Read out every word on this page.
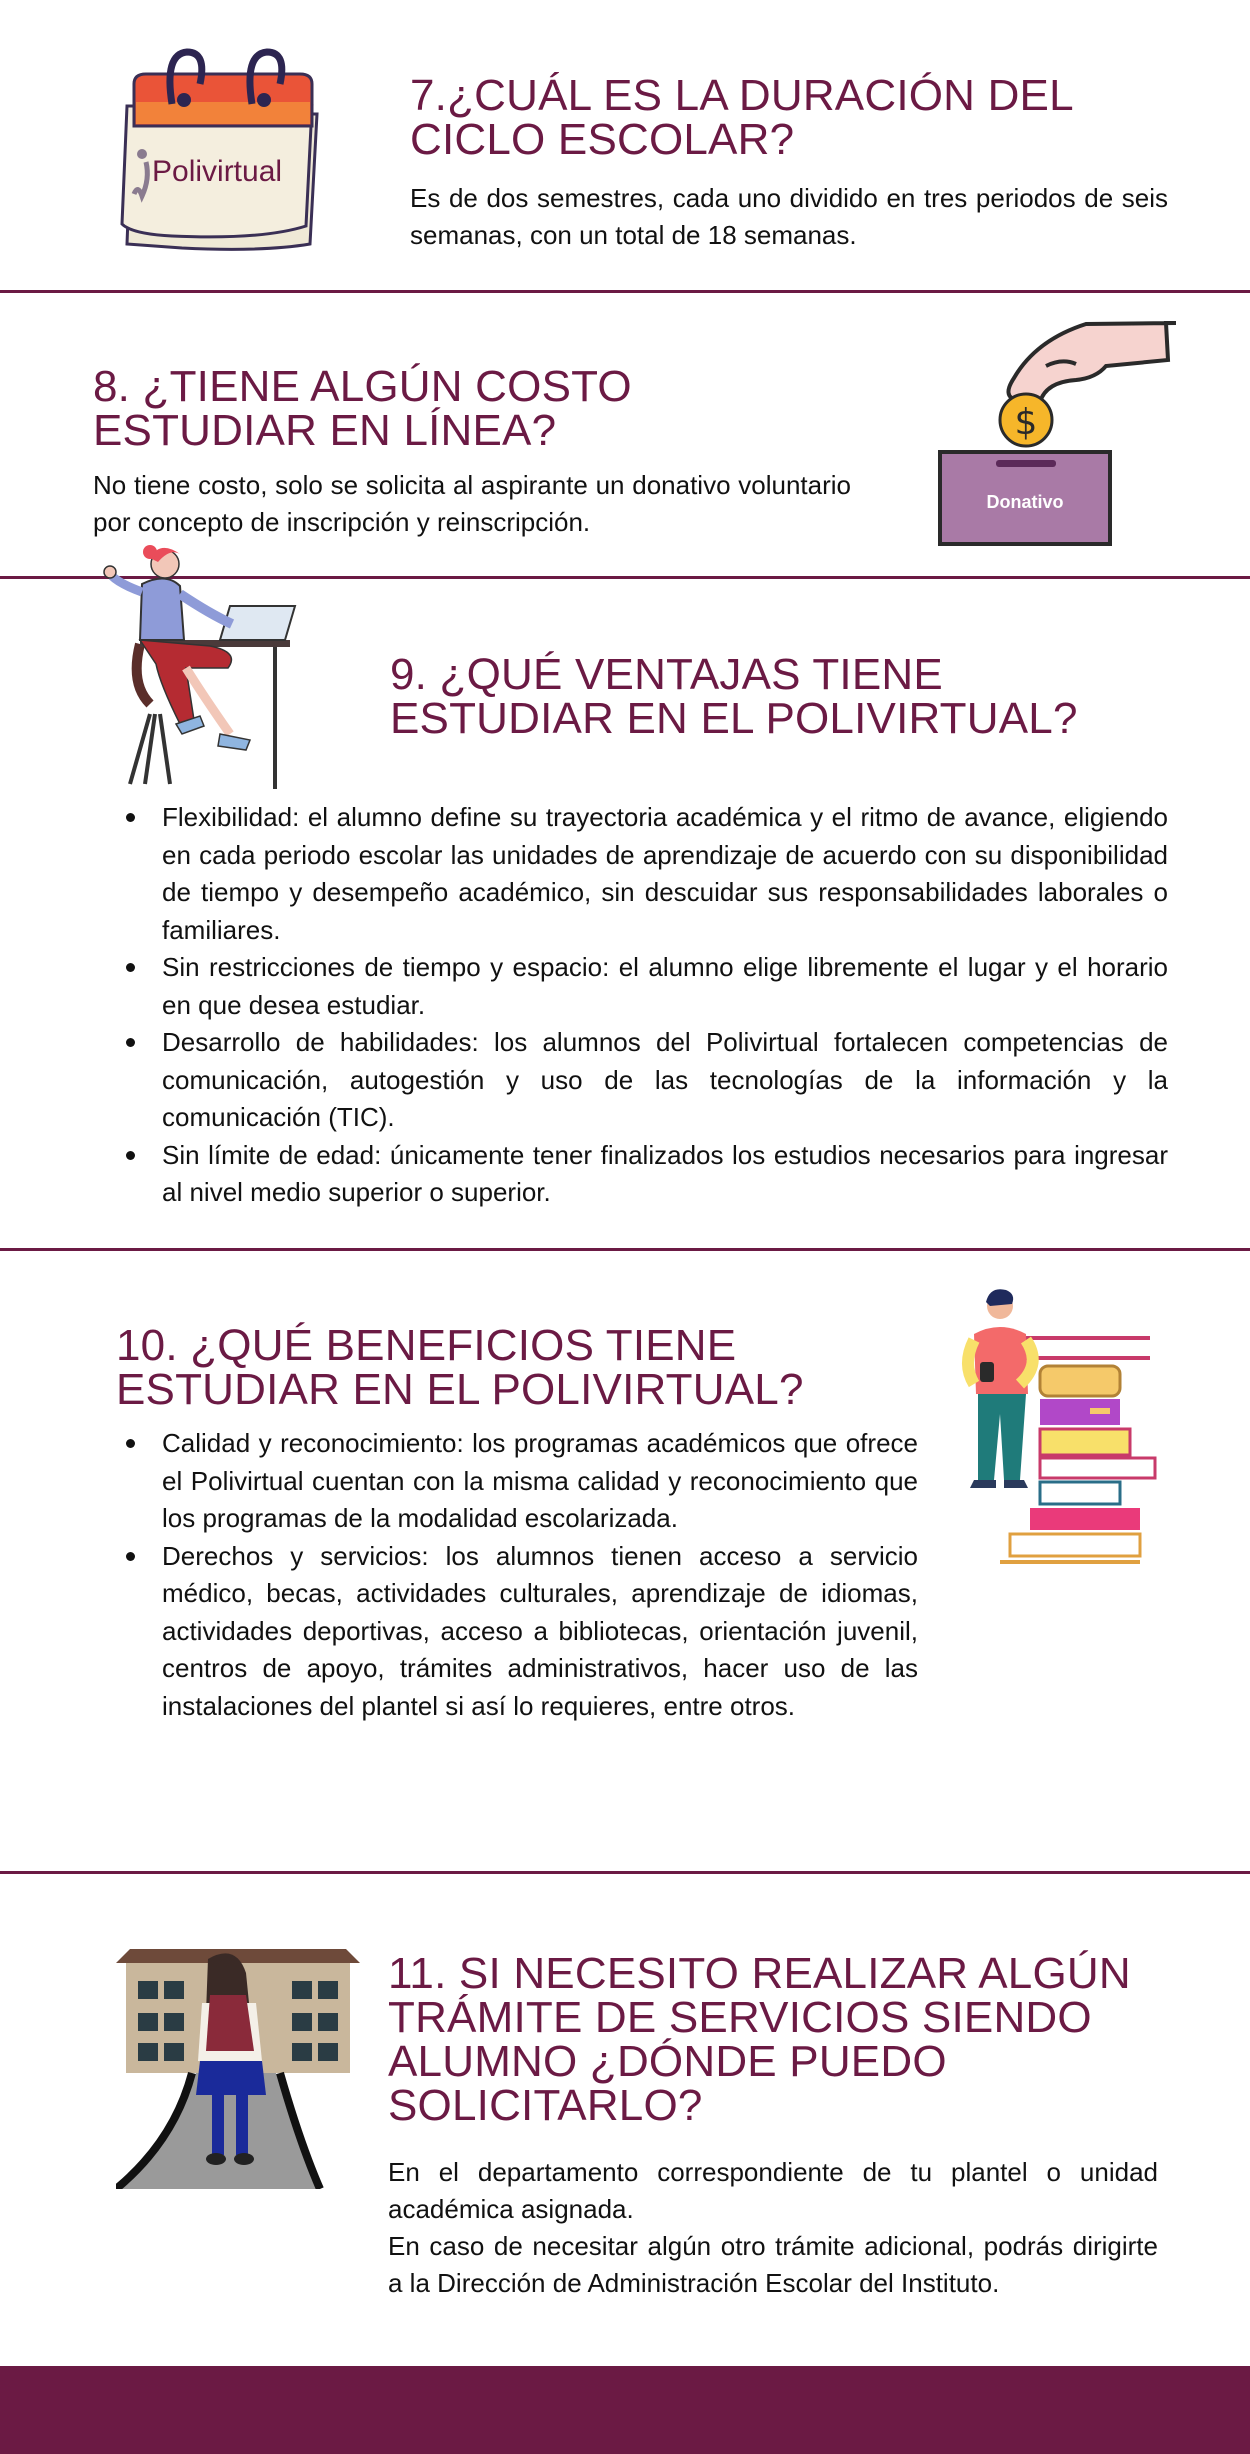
Polivirtual
7.¿CUÁL ES LA DURACIÓN DEL CICLO ESCOLAR?

Es de dos semestres, cada uno dividido en tres periodos de seis semanas, con un total de 18 semanas.

8. ¿TIENE ALGÚN COSTO ESTUDIAR EN LÍNEA?

No tiene costo, solo se solicita al aspirante un donativo voluntario por concepto de inscripción y reinscripción.

$
Donativo
9. ¿QUÉ VENTAJAS TIENE ESTUDIAR EN EL POLIVIRTUAL?
Flexibilidad: el alumno define su trayectoria académica y el ritmo de avance, eligiendo en cada periodo escolar las unidades de aprendizaje de acuerdo con su disponibilidad de tiempo y desempeño académico, sin descuidar sus responsabilidades laborales o familiares.
Sin restricciones de tiempo y espacio: el alumno elige libremente el lugar y el horario en que desea estudiar.
Desarrollo de habilidades: los alumnos del Polivirtual fortalecen competencias de comunicación, autogestión y uso de las tecnologías de la información y la comunicación (TIC).
Sin límite de edad: únicamente tener finalizados los estudios necesarios para ingresar al nivel medio superior o superior.
10. ¿QUÉ BENEFICIOS TIENE ESTUDIAR EN EL POLIVIRTUAL?
Calidad y reconocimiento: los programas académicos que ofrece el Polivirtual cuentan con la misma calidad y reconocimiento que los programas de la modalidad escolarizada.
Derechos y servicios: los alumnos tienen acceso a servicio médico, becas, actividades culturales, aprendizaje de idiomas, actividades deportivas, acceso a bibliotecas, orientación juvenil, centros de apoyo, trámites administrativos, hacer uso de las instalaciones del plantel si así lo requieres, entre otros.
11. SI NECESITO REALIZAR ALGÚN TRÁMITE DE SERVICIOS SIENDO ALUMNO ¿DÓNDE PUEDO SOLICITARLO?

En el departamento correspondiente de tu plantel o unidad académica asignada.

En caso de necesitar algún otro trámite adicional, podrás dirigirte a la Dirección de Administración Escolar del Instituto.
